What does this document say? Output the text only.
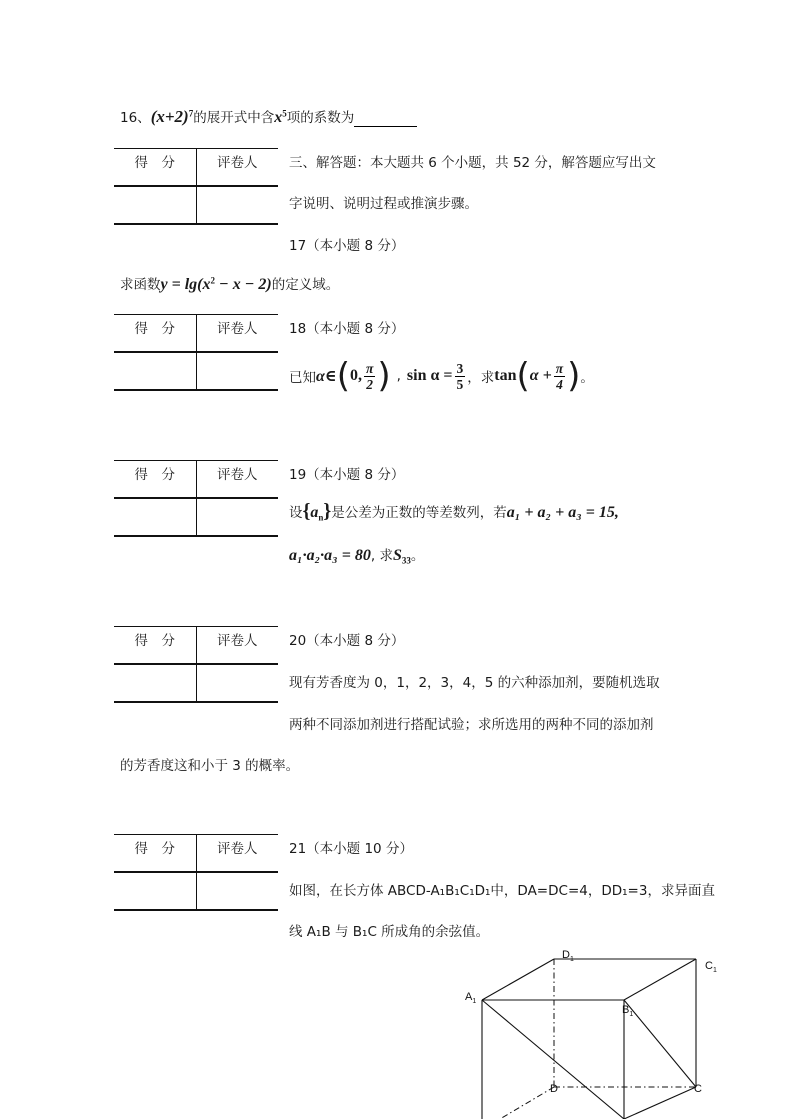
16、$(x+2)^7$的展开式中含$x^5$项的系数为
得　分	评卷人
	三、解答题：本大题共 6 个小题，共 52 分，解答题应写出文
字说明、说明过程或推演步骤。
17（本小题 8 分）
求函数$y = \lg(x^2 - x - 2)$的定义域。
得　分	评卷人
	18（本小题 8 分）
已知 α∈ ( 0, $\frac{\pi}{2}$ ) , $\sin \alpha = \frac{3}{5}$ ，求 tan ( $\alpha + \frac{\pi}{4}$ ) 。
得　分	评卷人
	19（本小题 8 分）
设$\{a_n\}$是公差为正数的等差数列，若a₁ + a₂ + a₃ = 15,
a₁·a₂·a₃ = 80, 求$S_{33}$。
得　分	评卷人
	20（本小题 8 分）
现有芳香度为 0，1，2，3，4，5 的六种添加剂，要随机选取
两种不同添加剂进行搭配试验；求所选用的两种不同的添加剂
的芳香度这和小于 3 的概率。
得　分	评卷人
	21（本小题 10 分）
如图，在长方体 ABCD-A₁B₁C₁D₁中，DA=DC=4，DD₁=3，求异面直
线 A₁B 与 B₁C 所成角的余弦值。
$D_1$
$C_1$
$A_1$
$B_1$
D	C
